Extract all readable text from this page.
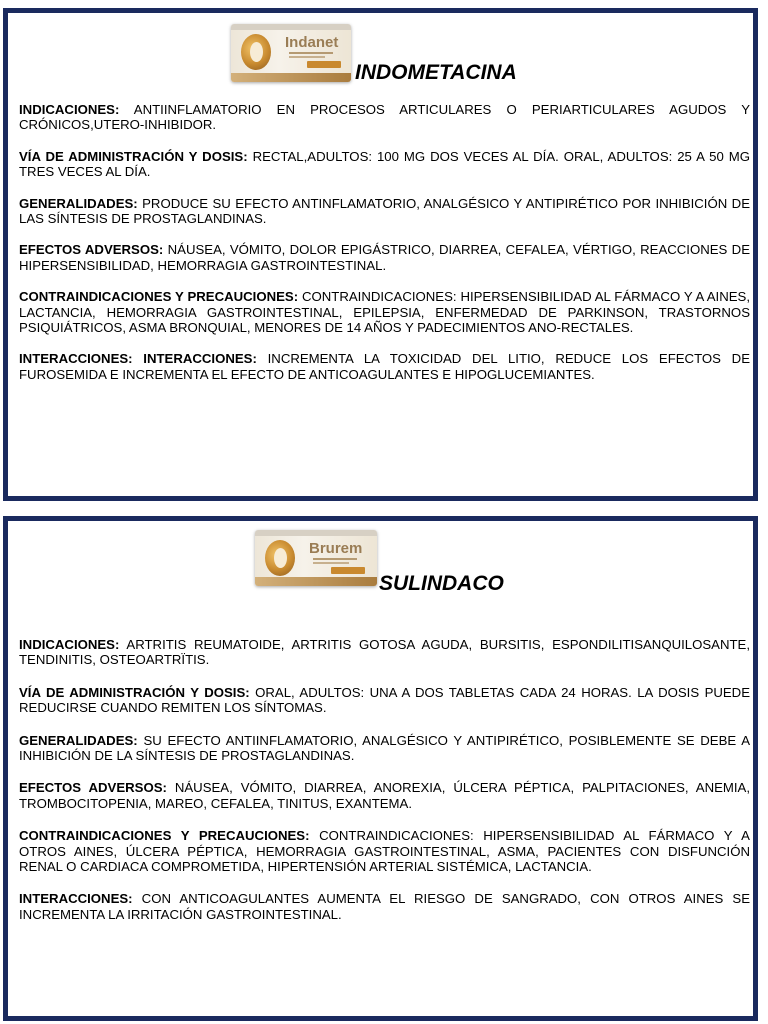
Indanet
INDOMETACINA

INDICACIONES: ANTIINFLAMATORIO EN PROCESOS ARTICULARES O PERIARTICULARES AGUDOS Y CRÓNICOS,UTERO-INHIBIDOR.

VÍA DE ADMINISTRACIÓN Y DOSIS: RECTAL,ADULTOS: 100 MG DOS VECES AL DÍA. ORAL, ADULTOS: 25 A 50 MG TRES VECES AL DÍA.

GENERALIDADES: PRODUCE SU EFECTO ANTINFLAMATORIO, ANALGÉSICO Y ANTIPIRÉTICO POR INHIBICIÓN DE LAS SÍNTESIS DE PROSTAGLANDINAS.

EFECTOS ADVERSOS: NÁUSEA, VÓMITO, DOLOR EPIGÁSTRICO, DIARREA, CEFALEA, VÉRTIGO, REACCIONES DE HIPERSENSIBILIDAD, HEMORRAGIA GASTROINTESTINAL.

CONTRAINDICACIONES Y PRECAUCIONES: CONTRAINDICACIONES: HIPERSENSIBILIDAD AL FÁRMACO Y A AINES, LACTANCIA, HEMORRAGIA GASTROINTESTINAL, EPILEPSIA, ENFERMEDAD DE PARKINSON, TRASTORNOS PSIQUIÁTRICOS, ASMA BRONQUIAL, MENORES DE 14 AÑOS Y PADECIMIENTOS ANO-RECTALES.

INTERACCIONES: INTERACCIONES: INCREMENTA LA TOXICIDAD DEL LITIO, REDUCE LOS EFECTOS DE FUROSEMIDA E INCREMENTA EL EFECTO DE ANTICOAGULANTES E HIPOGLUCEMIANTES.

Brurem
SULINDACO

INDICACIONES: ARTRITIS REUMATOIDE, ARTRITIS GOTOSA AGUDA, BURSITIS, ESPONDILITISANQUILOSANTE, TENDINITIS, OSTEOARTRÏTIS.

VÍA DE ADMINISTRACIÓN Y DOSIS: ORAL, ADULTOS: UNA A DOS TABLETAS CADA 24 HORAS. LA DOSIS PUEDE REDUCIRSE CUANDO REMITEN LOS SÍNTOMAS.

GENERALIDADES: SU EFECTO ANTIINFLAMATORIO, ANALGÉSICO Y ANTIPIRÉTICO, POSIBLEMENTE SE DEBE A INHIBICIÓN DE LA SÍNTESIS DE PROSTAGLANDINAS.

EFECTOS ADVERSOS: NÁUSEA, VÓMITO, DIARREA, ANOREXIA, ÚLCERA PÉPTICA, PALPITACIONES, ANEMIA, TROMBOCITOPENIA, MAREO, CEFALEA, TINITUS, EXANTEMA.

CONTRAINDICACIONES Y PRECAUCIONES: CONTRAINDICACIONES: HIPERSENSIBILIDAD AL FÁRMACO Y A OTROS AINES, ÚLCERA PÉPTICA, HEMORRAGIA GASTROINTESTINAL, ASMA, PACIENTES CON DISFUNCIÓN RENAL O CARDIACA COMPROMETIDA, HIPERTENSIÓN ARTERIAL SISTÉMICA, LACTANCIA.

INTERACCIONES: CON ANTICOAGULANTES AUMENTA EL RIESGO DE SANGRADO, CON OTROS AINES SE INCREMENTA LA IRRITACIÓN GASTROINTESTINAL.
